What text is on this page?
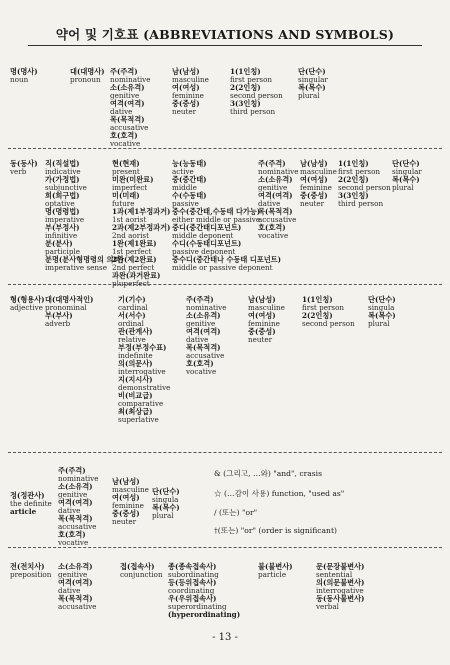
약어 및 기호표 (ABBREVIATIONS AND SYMBOLS)
명(명사)
noun
대(대명사)
pronoun
주(주격)
nominative
소(소유격)
genitive
여격(여격)
dative
목(목적격)
accusative
호(호격)
vocative
남(남성)
masculine
여(여성)
feminine
중(중성)
neuter
1(1인칭)
first person
2(2인칭)
second person
3(3인칭)
third person
단(단수)
singular
복(복수)
plural
동(동사)
verb
직(직설법)
indicative
가(가정법)
subjunctive
희(희구법)
optative
명(명령법)
imperative
부(부정사)
infinitive
분(분사)
participle
분명(분사형명령의 의미)
imperative sense
현(현재)
present
미완(미완료)
imperfect
미(미래)
future
1과(제1부정과거)
1st aorist
2과(제2부정과거)
2nd aorist
1완(제1완료)
1st perfect
2완(제2완료)
2nd perfect
과완(과거완료)
pluperfect
능(능동태)
active
중(중간태)
middle
수(수동태)
passive
중수(중간태,수동태 다가능)
either middle or passive
중디(중간태디포넌트)
middle deponent
수디(수동태디포넌트)
passive deponent
중수디(중간태나 수동태 디포넌트)
middle or passive deponent
주(주격)
nominative
소(소유격)
genitive
여격(여격)
dative
목(목적격)
accusative
호(호격)
vocative
남(남성)
masculine
여(여성)
feminine
중(중성)
neuter
1(1인칭)
first person
2(2인칭)
second person
3(3인칭)
third person
단(단수)
singular
복(복수)
plural
형(형용사)
adjective
대(대명사적인)
pronominal
부(부사)
adverb
기(기수)
cardinal
서(서수)
ordinal
관(관계사)
relative
부정(부정수표)
indefinite
의(의문사)
interrogative
지(지시사)
demonstrative
비(비교급)
comparative
최(최상급)
superlative
주(주격)
nominative
소(소유격)
genitive
여격(여격)
dative
목(목적격)
accusative
호(호격)
vocative
남(남성)
masculine
여(여성)
feminine
중(중성)
neuter
1(1인칭)
first person
2(2인칭)
second person
단(단수)
singula
복(복수)
plural
정(정관사)
the definite
article
주(주격)
nominative
소(소유격)
genitive
여격(여격)
dative
목(목적격)
accusative
호(호격)
vocative
남(남성)
masculine
여(여성)
feminine
중(중성)
neuter
단(단수)
singula
복(복수)
plural
전(전치사)
preposition
소(소유격)
genitive
여격(여격)
dative
목(목적격)
accusative
접(접속사)
conjunction
종(종속접속사)
subordinating
등(등위접속사)
coordinating
우(우위접속사)
superordinating
(hyperordinating)
불(불변사)
particle
문(문장불변사)
sentential
의(의문불변사)
interrogative
동(동사불변사)
verbal
& (그리고, …와) "and", crasis
☆ (…감이 사용) function, "used as"
/ (또는) "or"
†(또는) "or" (order is significant)
- 13 -
